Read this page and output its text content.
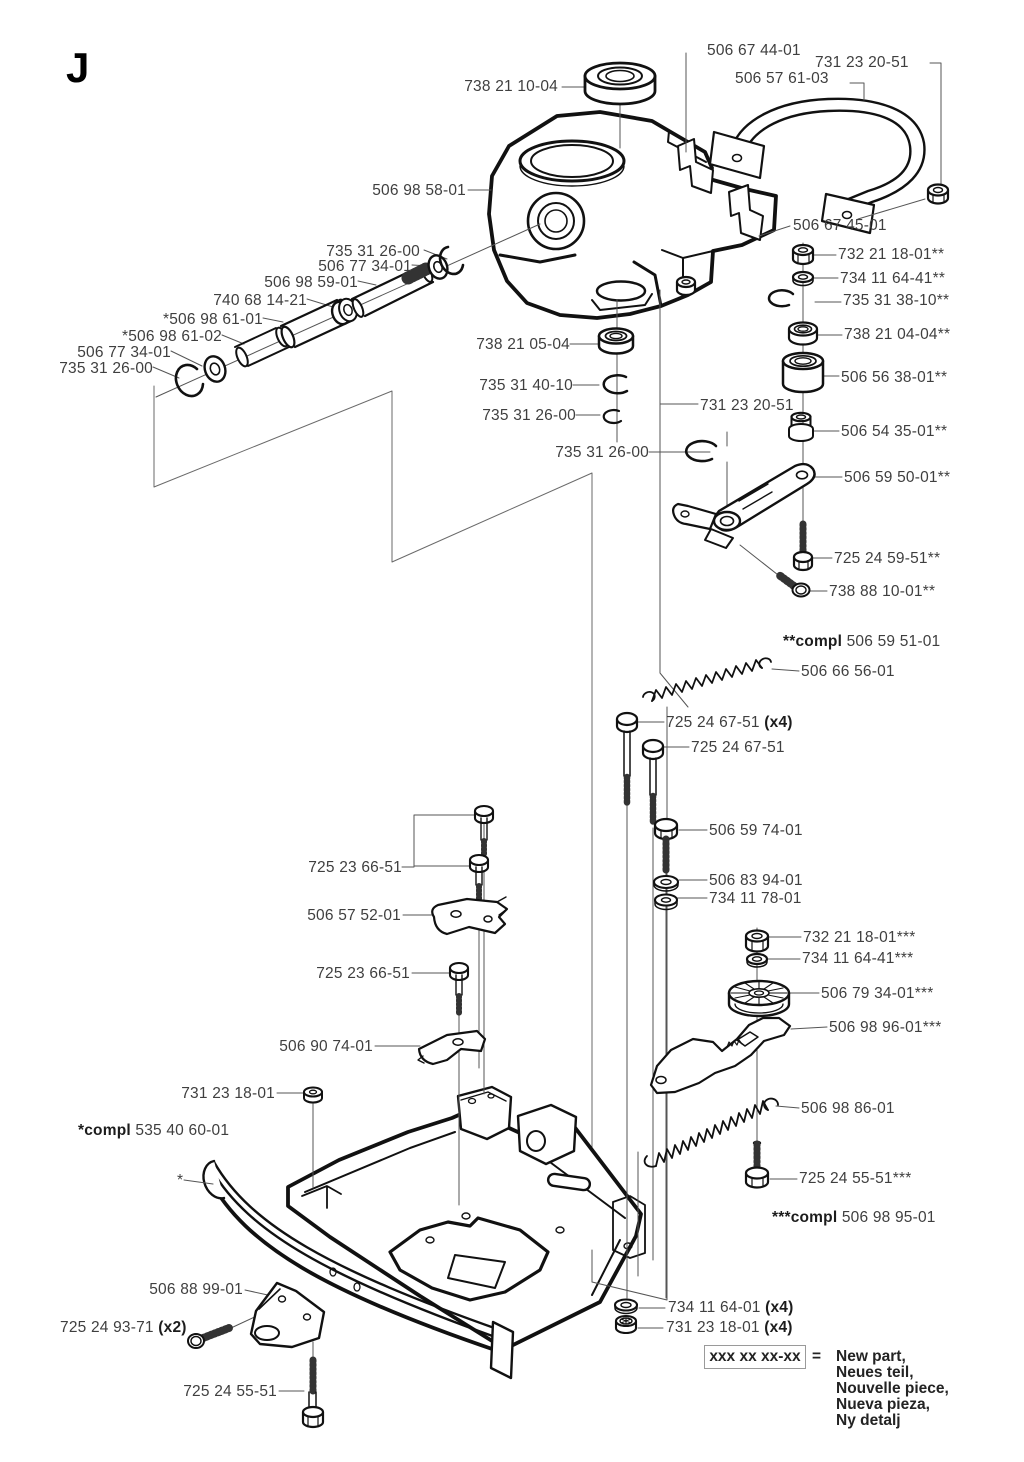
J	506 67 44-01
731 23 20-51
506 57 61-03
738 21 10-04
506 98 58-01
735 31 26-00
506 77 34-01
506 98 59-01
740 68 14-21
*506 98 61-01
*506 98 61-02
506 77 34-01
735 31 26-00
738 21 05-04
735 31 40-10
735 31 26-00
735 31 26-00
506 67 45-01
732 21 18-01**
734 11 64-41**
735 31 38-10**
738 21 04-04**
506 56 38-01**
731 23 20-51
506 54 35-01**
506 59 50-01**
725 24 59-51**
738 88 10-01**
**compl 506 59 51-01
506 66 56-01
725 24 67-51 (x4)
725 24 67-51
506 59 74-01
506 83 94-01
734 11 78-01
732 21 18-01***
734 11 64-41***
506 79 34-01***
506 98 96-01***
725 23 66-51
506 57 52-01
725 23 66-51
506 90 74-01
731 23 18-01
*compl 535 40 60-01
*
506 98 86-01
725 24 55-51***
***compl 506 98 95-01
506 88 99-01
725 24 93-71 (x2)
725 24 55-51
734 11 64-01 (x4)
731 23 18-01 (x4)
xxx xx xx-xx = New part,
Neues teil,
Nouvelle piece,
Nueva pieza,
Ny detalj
